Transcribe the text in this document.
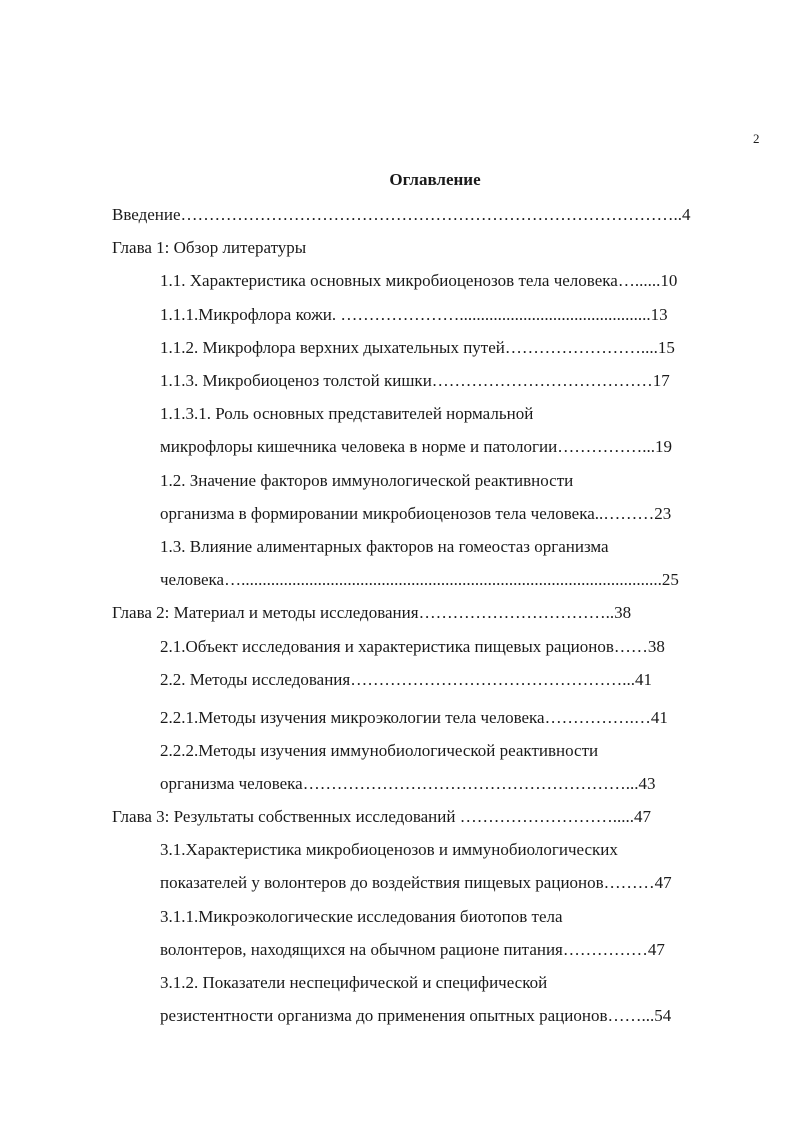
2
Оглавление
Введение……………………………………………………………………………..4
Глава 1: Обзор литературы
1.1. Характеристика основных микробиоценозов тела человека…......10
1.1.1.Микрофлора кожи. ………………….............................................13
1.1.2. Микрофлора верхних дыхательных путей……………………....15
1.1.3. Микробиоценоз толстой кишки…………………………………17
1.1.3.1. Роль основных представителей нормальной
микрофлоры кишечника человека в норме и патологии……………...19
1.2. Значение факторов иммунологической реактивности
организма в формировании микробиоценозов тела человека..………23
1.3. Влияние алиментарных факторов на гомеостаз организма
человека…...................................................................................................25
Глава 2: Материал и методы исследования……………………………..38
2.1.Объект исследования и характеристика пищевых рационов……38
2.2. Методы исследования…………………………………………...41
2.2.1.Методы изучения микроэкологии тела человека…………….…41
2.2.2.Методы изучения иммунобиологической реактивности
организма человека…………………………………………………...43
Глава 3: Результаты собственных исследований ……………………….....47
3.1.Характеристика микробиоценозов и иммунобиологических
показателей у волонтеров до воздействия пищевых рационов………47
3.1.1.Микроэкологические исследования биотопов тела
волонтеров, находящихся на обычном рационе питания……………47
3.1.2. Показатели неспецифической и специфической
резистентности организма до применения опытных рационов……...54
